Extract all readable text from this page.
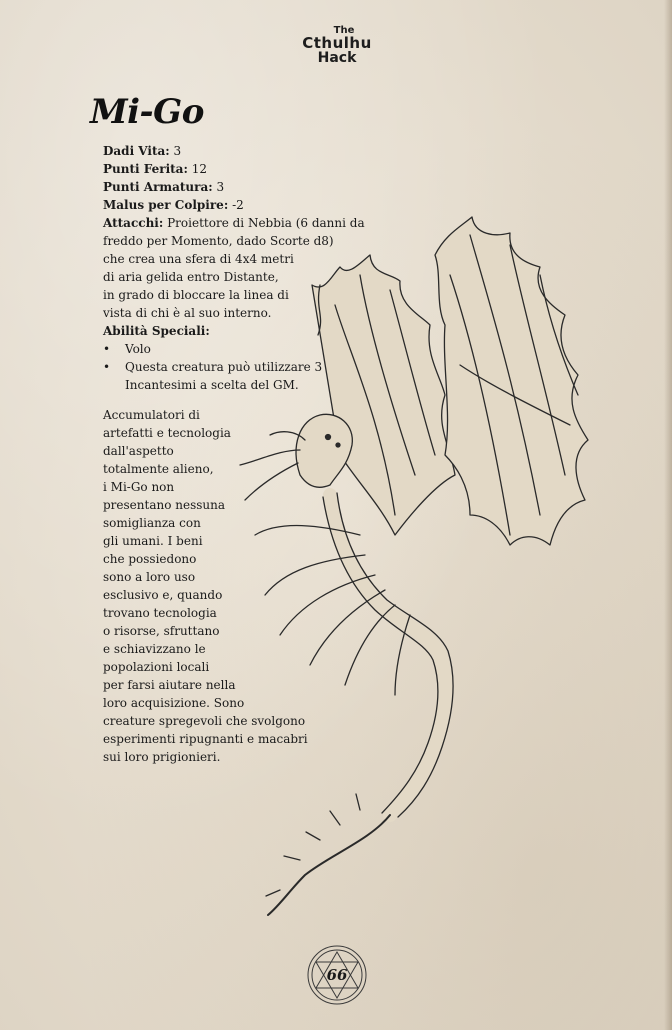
The
Cthulhu
Hack
Mi-Go
Dadi Vita: 3
Punti Ferita: 12
Punti Armatura: 3
Malus per Colpire: -2
Attacchi: Proiettore di Nebbia (6 danni da
freddo per Momento, dado Scorte d8)
che crea una sfera di 4x4 metri
di aria gelida entro Distante,
in grado di bloccare la linea di
vista di chi è al suo interno.
Abilità Speciali:
• Volo
• Questa creatura può utilizzare 3
Incantesimi a scelta del GM.
Accumulatori di
artefatti e tecnologia
dall'aspetto
totalmente alieno,
i Mi-Go non
presentano nessuna
somiglianza con
gli umani. I beni
che possiedono
sono a loro uso
esclusivo e, quando
trovano tecnologia
o risorse, sfruttano
e schiavizzano le
popolazioni locali
per farsi aiutare nella
loro acquisizione. Sono
creature spregevoli che svolgono
esperimenti ripugnanti e macabri
sui loro prigionieri.
66
